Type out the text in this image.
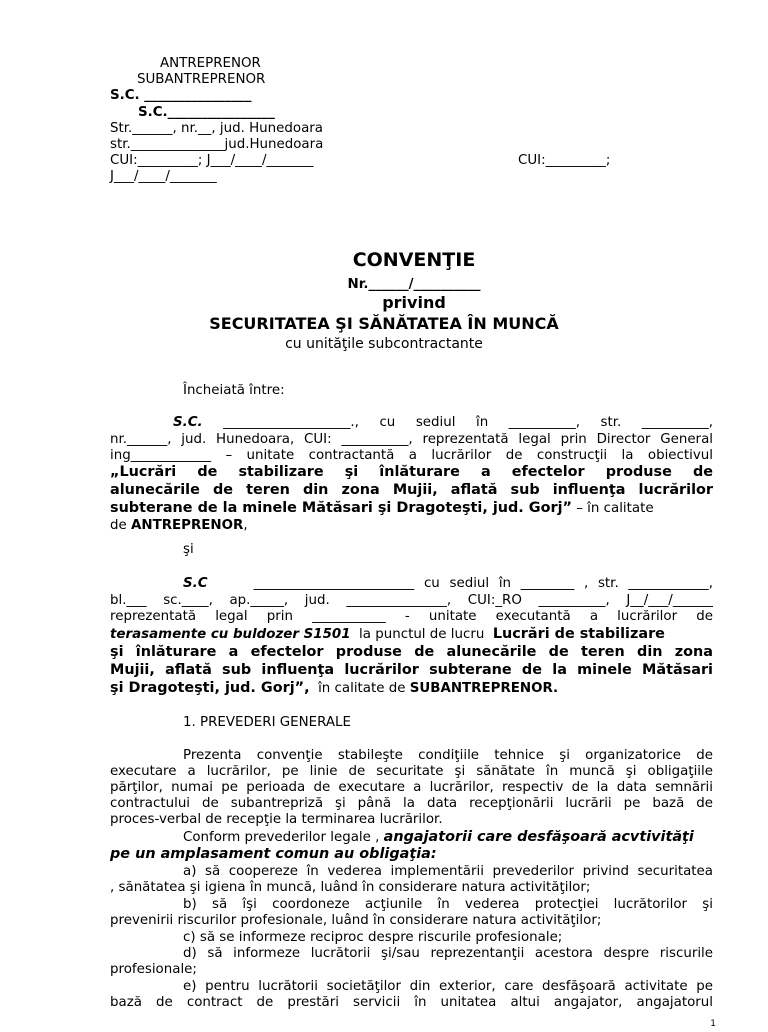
ANTREPRENOR
SUBANTREPRENOR
S.C. ________________
S.C.________________
Str.______, nr.__, jud. Hunedoara
str.______________jud.Hunedoara
CUI:_________; J___/____/_______	CUI:_________;
J___/____/_______
CONVENŢIE
Nr.______/__________
privind
SECURITATEA ŞI SĂNĂTATEA ÎN MUNCĂ
cu unităţile subcontractante
Încheiată între:
S.C. ___________________., cu sediul în __________, str. __________,
nr.______, jud. Hunedoara, CUI: __________, reprezentată legal prin Director General
ing____________ – unitate contractantă a lucrărilor de construcţii la obiectivul
„Lucrări de stabilizare şi înlăturare a efectelor produse de
alunecările de teren din zona Mujii, aflată sub influenţa lucrărilor
subterane de la minele Mătăsari şi Dragoteşti, jud. Gorj” – în calitate
de ANTREPRENOR,
şi
S.C	________________________ cu sediul în ________ , str. ____________,
bl.___ sc.____, ap._____, jud. _______________, CUI:_RO __________, J__/___/______
reprezentată legal prin ___________ - unitate executantă a lucrărilor de
terasamente cu buldozer S1501  la punctul de lucru  Lucrări de stabilizare
şi înlăturare a efectelor produse de alunecările de teren din zona
Mujii, aflată sub influenţa lucrărilor subterane de la minele Mătăsari
şi Dragoteşti, jud. Gorj”,  în calitate de SUBANTREPRENOR.
1. PREVEDERI GENERALE
Prezenta convenţie stabileşte condiţiile tehnice şi organizatorice de
executare a lucrărilor, pe linie de securitate şi sănătate în muncă şi obligaţiile
părţilor, numai pe perioada de executare a lucrărilor, respectiv de la data semnării
contractului de subantrepriză şi până la data recepţionării lucrării pe bază de
proces-verbal de recepţie la terminarea lucrărilor.
Conform prevederilor legale , angajatorii care desfăşoară acvtivităţi
pe un amplasament comun au obligaţia:
a) să coopereze în vederea implementării prevederilor privind securitatea
, sănătatea şi igiena în muncă, luând în considerare natura activităţilor;
b) să îşi coordoneze acţiunile în vederea protecţiei lucrătorilor şi
prevenirii riscurilor profesionale, luând în considerare natura activităţilor;
c) să se informeze reciproc despre riscurile profesionale;
d) să informeze lucrătorii şi/sau reprezentanţii acestora despre riscurile
profesionale;
e) pentru lucrătorii societăţilor din exterior, care desfăşoară activitate pe
bază de contract de prestări servicii în unitatea altui angajator, angajatorul
1
